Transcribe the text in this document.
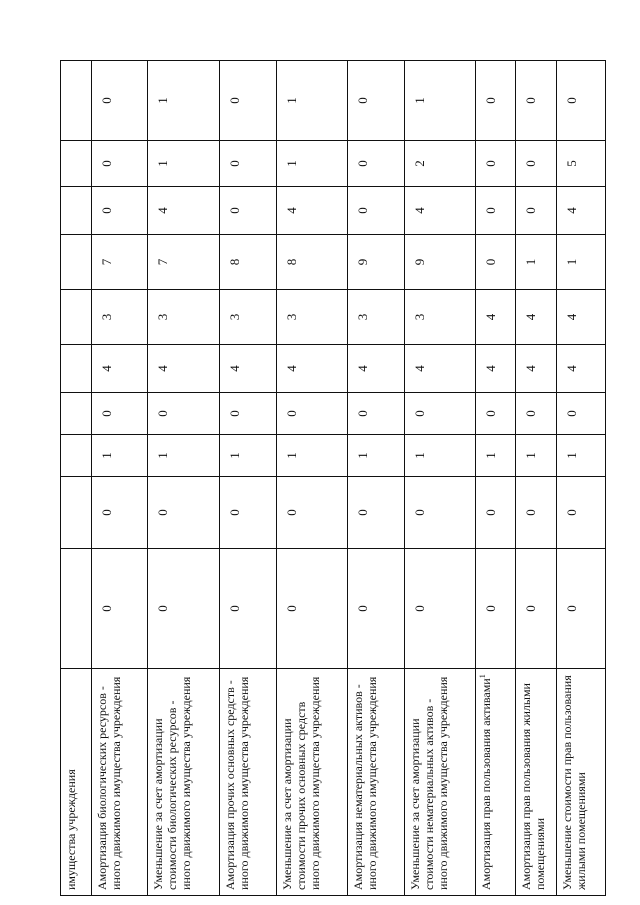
имущества учреждения										
Амортизация биологических ресурсов - иного движимого имущества учреждения	0	0	1	0	4	3	7	0	0	0
Уменьшение за счет амортизации стоимости биологических ресурсов - иного движимого имущества учреждения	0	0	1	0	4	3	7	4	1	1
Амортизация прочих основных средств - иного движимого имущества учреждения	0	0	1	0	4	3	8	0	0	0
Уменьшение за счет амортизации стоимости прочих основных средств иного движимого имущества учреждения	0	0	1	0	4	3	8	4	1	1
Амортизация нематериальных активов - иного движимого имущества учреждения	0	0	1	0	4	3	9	0	0	0
Уменьшение за счет амортизации стоимости нематериальных активов - иного движимого имущества учреждения	0	0	1	0	4	3	9	4	2	1
Амортизация прав пользования активами$^1$	0	0	1	0	4	4	0	0	0	0
Амортизация прав пользования жилыми помещениями	0	0	1	0	4	4	1	0	0	0
Уменьшение стоимости прав пользования жилыми помещениями	0	0	1	0	4	4	1	4	5	0
